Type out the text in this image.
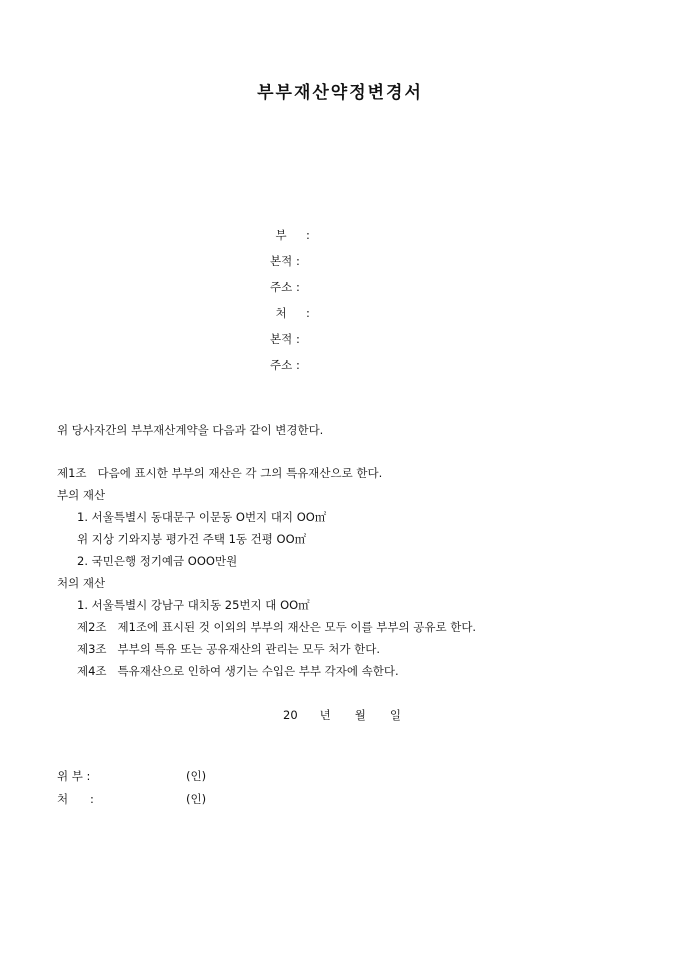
부부재산약정변경서
부 :
본적 :
주소 :
처 :
본적 :
주소 :
위 당사자간의 부부재산계약을 다음과 같이 변경한다.
제1조   다음에 표시한 부부의 재산은 각 그의 특유재산으로 한다.
부의 재산
1. 서울특별시 동대문구 이문동 O번지 대지 OO㎡
위 지상 기와지붕 평가건 주택 1동 건평 OO㎡
2. 국민은행 정기예금 OOO만원
처의 재산
1. 서울특별시 강남구 대치동 25번지 대 OO㎡
제2조   제1조에 표시된 것 이외의 부부의 재산은 모두 이를 부부의 공유로 한다.
제3조   부부의 특유 또는 공유재산의 관리는 모두 처가 한다.
제4조   특유재산으로 인하여 생기는 수입은 부부 각자에 속한다.
20 년 월 일
위 부 :	(인)
처      :	(인)
